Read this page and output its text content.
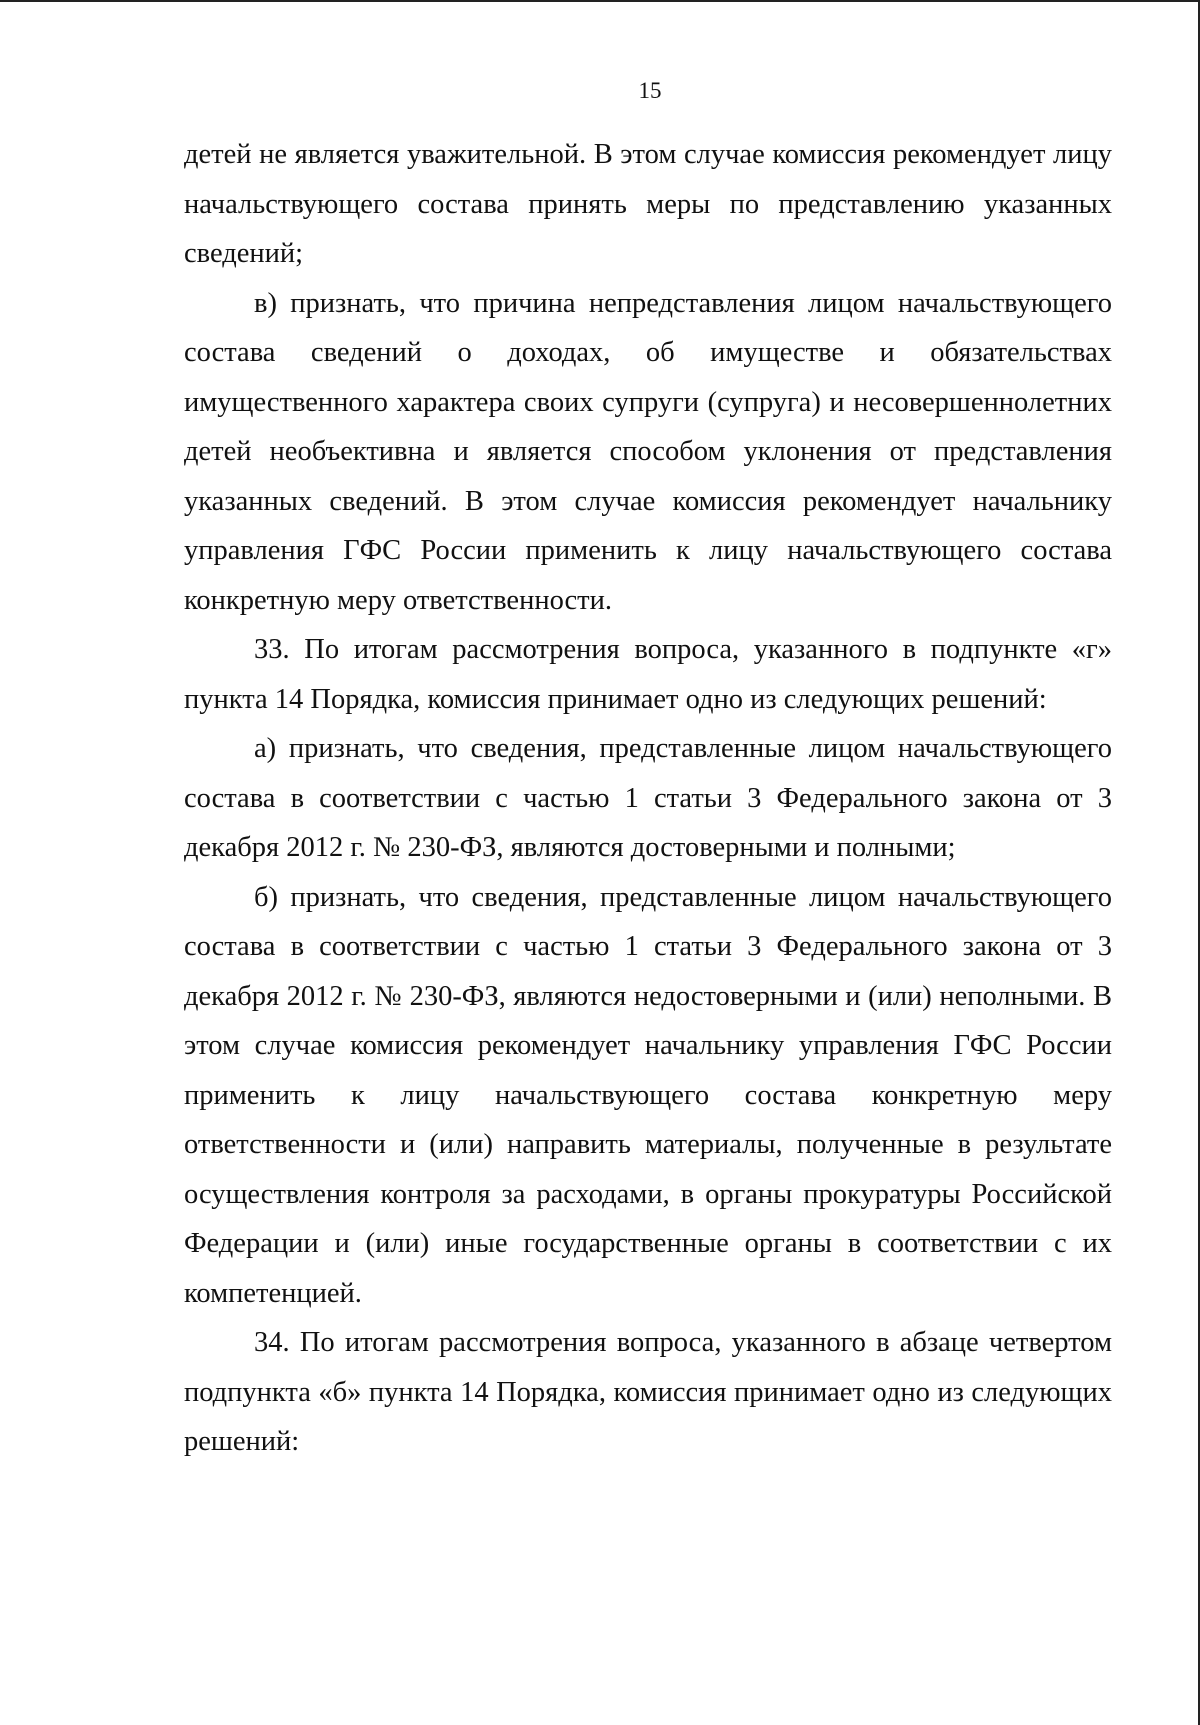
15

детей не является уважительной. В этом случае комиссия рекомендует лицу начальствующего состава принять меры по представлению указанных сведений;

в) признать, что причина непредставления лицом начальствующего состава сведений о доходах, об имуществе и обязательствах имущественного характера своих супруги (супруга) и несовершеннолетних детей необъективна и является способом уклонения от представления указанных сведений. В этом случае комиссия рекомендует начальнику управления ГФС России применить к лицу начальствующего состава конкретную меру ответственности.

33. По итогам рассмотрения вопроса, указанного в подпункте «г» пункта 14 Порядка, комиссия принимает одно из следующих решений:

а) признать, что сведения, представленные лицом начальствующего состава в соответствии с частью 1 статьи 3 Федерального закона от 3 декабря 2012 г. № 230-ФЗ, являются достоверными и полными;

б) признать, что сведения, представленные лицом начальствующего состава в соответствии с частью 1 статьи 3 Федерального закона от 3 декабря 2012 г. № 230-ФЗ, являются недостоверными и (или) неполными. В этом случае комиссия рекомендует начальнику управления ГФС России применить к лицу начальствующего состава конкретную меру ответственности и (или) направить материалы, полученные в результате осуществления контроля за расходами, в органы прокуратуры Российской Федерации и (или) иные государственные органы в соответствии с их компетенцией.

34. По итогам рассмотрения вопроса, указанного в абзаце четвертом подпункта «б» пункта 14 Порядка, комиссия принимает одно из следующих решений:
